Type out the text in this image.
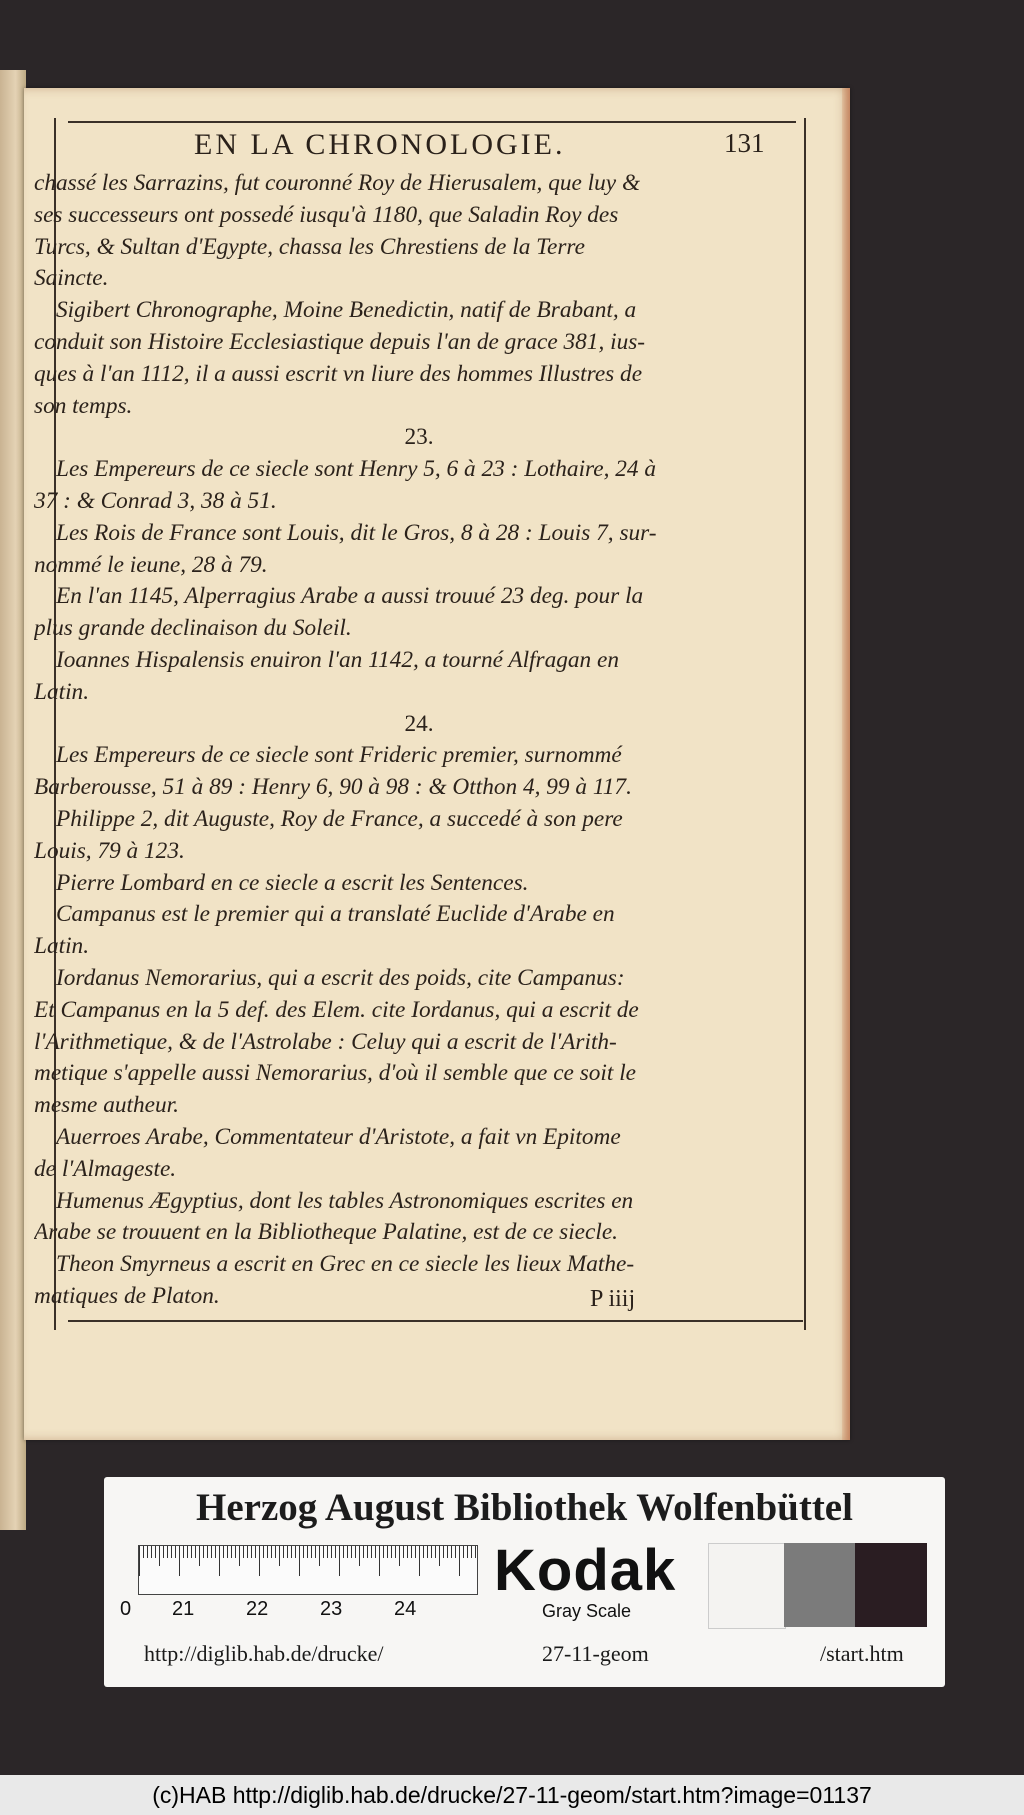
EN LA CHRONOLOGIE.	131
chassé les Sarrazins, fut couronné Roy de Hierusalem, que luy &
ses successeurs ont possedé iusqu'à 1180, que Saladin Roy des
Turcs, & Sultan d'Egypte, chassa les Chrestiens de la Terre
Saincte.
Sigibert Chronographe, Moine Benedictin, natif de Brabant, a
conduit son Histoire Ecclesiastique depuis l'an de grace 381, ius-
ques à l'an 1112, il a aussi escrit vn liure des hommes Illustres de
son temps.
23.
Les Empereurs de ce siecle sont Henry 5, 6 à 23 : Lothaire, 24 à
37 : & Conrad 3, 38 à 51.
Les Rois de France sont Louis, dit le Gros, 8 à 28 : Louis 7, sur-
nommé le ieune, 28 à 79.
En l'an 1145, Alperragius Arabe a aussi trouué 23 deg. pour la
plus grande declinaison du Soleil.
Ioannes Hispalensis enuiron l'an 1142, a tourné Alfragan en
Latin.
24.
Les Empereurs de ce siecle sont Frideric premier, surnommé
Barberousse, 51 à 89 : Henry 6, 90 à 98 : & Otthon 4, 99 à 117.
Philippe 2, dit Auguste, Roy de France, a succedé à son pere
Louis, 79 à 123.
Pierre Lombard en ce siecle a escrit les Sentences.
Campanus est le premier qui a translaté Euclide d'Arabe en
Latin.
Iordanus Nemorarius, qui a escrit des poids, cite Campanus:
Et Campanus en la 5 def. des Elem. cite Iordanus, qui a escrit de
l'Arithmetique, & de l'Astrolabe : Celuy qui a escrit de l'Arith-
metique s'appelle aussi Nemorarius, d'où il semble que ce soit le
mesme autheur.
Auerroes Arabe, Commentateur d'Aristote, a fait vn Epitome
de l'Almageste.
Humenus Ægyptius, dont les tables Astronomiques escrites en
Arabe se trouuent en la Bibliotheque Palatine, est de ce siecle.
Theon Smyrneus a escrit en Grec en ce siecle les lieux Mathe-
matiques de Platon.	P iiij
Herzog August Bibliothek Wolfenbüttel
0 21	22	23	24
Kodak
Gray Scale
http://diglib.hab.de/drucke/	27-11-geom	/start.htm
(c)HAB http://diglib.hab.de/drucke/27-11-geom/start.htm?image=01137
